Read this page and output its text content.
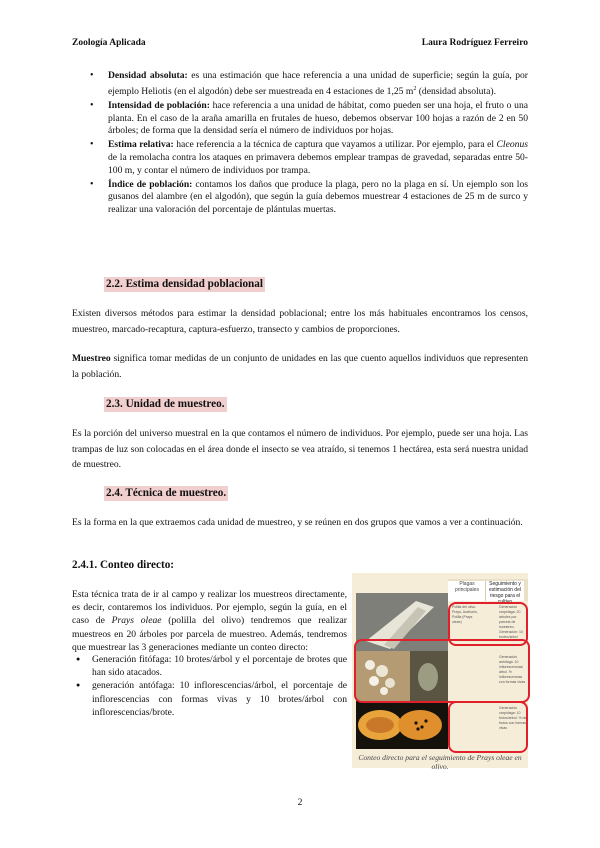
Zoología Aplicada	Laura Rodríguez Ferreiro
• Densidad absoluta: es una estimación que hace referencia a una unidad de superficie; según la guía, por ejemplo Heliotis (en el algodón) debe ser muestreada en 4 estaciones de 1,25 $m^2$ (densidad absoluta).
• Intensidad de población: hace referencia a una unidad de hábitat, como pueden ser una hoja, el fruto o una planta. En el caso de la araña amarilla en frutales de hueso, debemos observar 100 hojas a razón de 2 en 50 árboles; de forma que la densidad sería el número de individuos por hojas.
• Estima relativa: hace referencia a la técnica de captura que vayamos a utilizar. Por ejemplo, para el Cleonus de la remolacha contra los ataques en primavera debemos emplear trampas de gravedad, separadas entre 50-100 m, y contar el número de individuos por trampa.
• Índice de población: contamos los daños que produce la plaga, pero no la plaga en sí. Un ejemplo son los gusanos del alambre (en el algodón), que según la guía debemos muestrear 4 estaciones de 25 m de surco y realizar una valoración del porcentaje de plántulas muertas.
2.2. Estima densidad poblacional

Existen diversos métodos para estimar la densidad poblacional; entre los más habituales encontramos los censos, muestreo, marcado-recaptura, captura-esfuerzo, transecto y cambios de proporciones.

Muestreo significa tomar medidas de un conjunto de unidades en las que cuento aquellos individuos que representen la población.

2.3. Unidad de muestreo.

Es la porción del universo muestral en la que contamos el número de individuos. Por ejemplo, puede ser una hoja. Las trampas de luz son colocadas en el área donde el insecto se vea atraído, si tenemos 1 hectárea, esta será nuestra unidad de muestreo.

2.4. Técnica de muestreo.

Es la forma en la que extraemos cada unidad de muestreo, y se reúnen en dos grupos que vamos a ver a continuación.

2.4.1. Conteo directo:

Esta técnica trata de ir al campo y realizar los muestreos directamente, es decir, contaremos los individuos. Por ejemplo, según la guía, en el caso de Prays oleae (polilla del olivo) tendremos que realizar muestreos en 20 árboles por parcela de muestreo. Además, tendremos que muestrear las 3 generaciones mediante un conteo directo:

● Generación fitófaga: 10 brotes/árbol y el porcentaje de brotes que han sido atacados.
● generación antófaga: 10 inflorescencias/árbol, el porcentaje de inflorescencias con formas vivas y 10 brotes/árbol con inflorescencias/brote.
Plagas principales
Seguimiento y estimación del riesgo para el cultivo
Polilla del olivo. Prays, Arañuelo, Polilla (Prays oleae)
Generación carpófaga: 20 árboles por parcela de muestreo. Generación: 10 brotes/árbol
Generación antófaga: 10 inflorescencias/árbol. % inflorescencias con formas vivas
Generación carpófaga: 10 frutos/árbol. % de frutos con formas vivas
Conteo directo para el seguimiento de Prays oleae en olivo.
2
